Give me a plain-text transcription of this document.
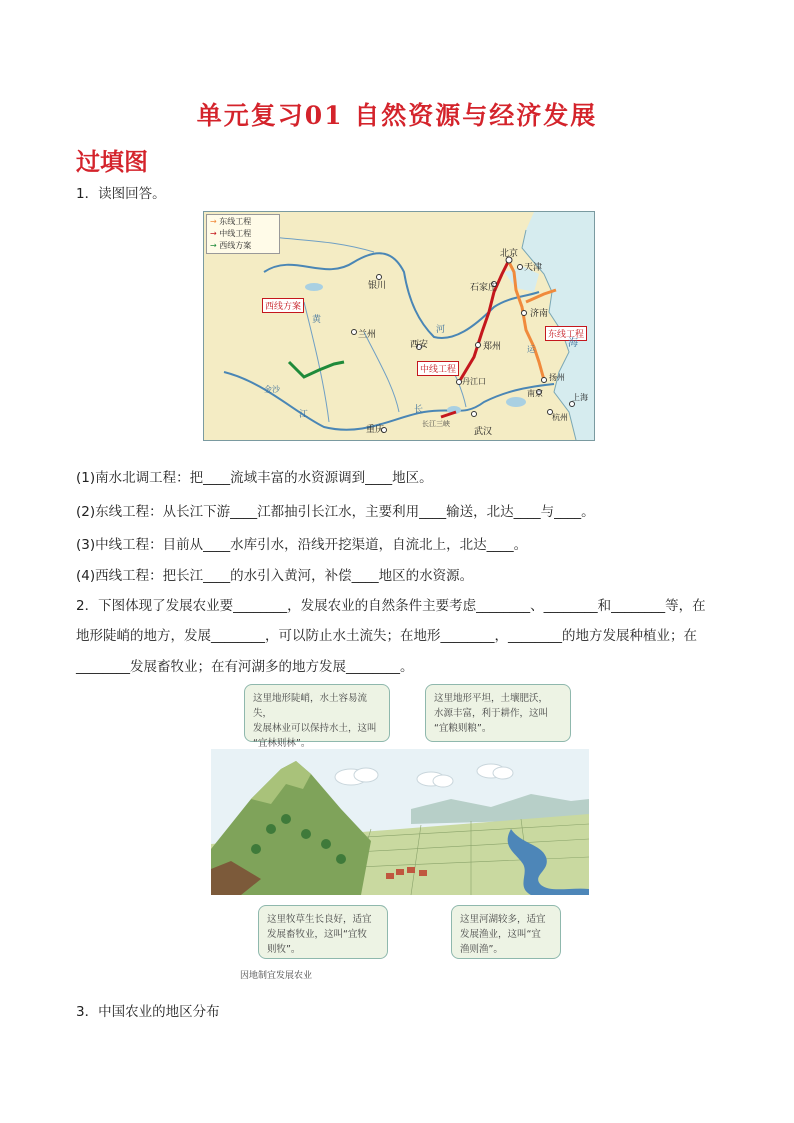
单元复习01 自然资源与经济发展
过填图
1．读图回答。
→ 东线工程
→ 中线工程
→ 西线方案
西线方案
中线工程
东线工程
北京
天津
石家庄
济南
银川
兰州
西安	郑州
丹江口
武汉
重庆
扬州
南京
杭州
上海
黄
河
长
江
海
运
长江三峡
金沙
(1)南水北调工程：把____流域丰富的水资源调到____地区。
(2)东线工程：从长江下游____江都抽引长江水，主要利用____输送，北达____与____。
(3)中线工程：目前从____水库引水，沿线开挖渠道，自流北上，北达____。
(4)西线工程：把长江____的水引入黄河，补偿____地区的水资源。
2．下图体现了发展农业要________，发展农业的自然条件主要考虑________、________和________等，在
地形陡峭的地方，发展________，可以防止水土流失；在地形________，________的地方发展种植业；在
________发展畜牧业；在有河湖多的地方发展________。
这里地形陡峭，水土容易流失，
发展林业可以保持水土，这叫
“宜林则林”。
这里地形平坦，土壤肥沃，
水源丰富，利于耕作，这叫
“宜粮则粮”。
这里牧草生长良好，适宜
发展畜牧业，这叫“宜牧
则牧”。
这里河湖较多，适宜
发展渔业，这叫“宜
渔则渔”。
因地制宜发展农业
3．中国农业的地区分布
